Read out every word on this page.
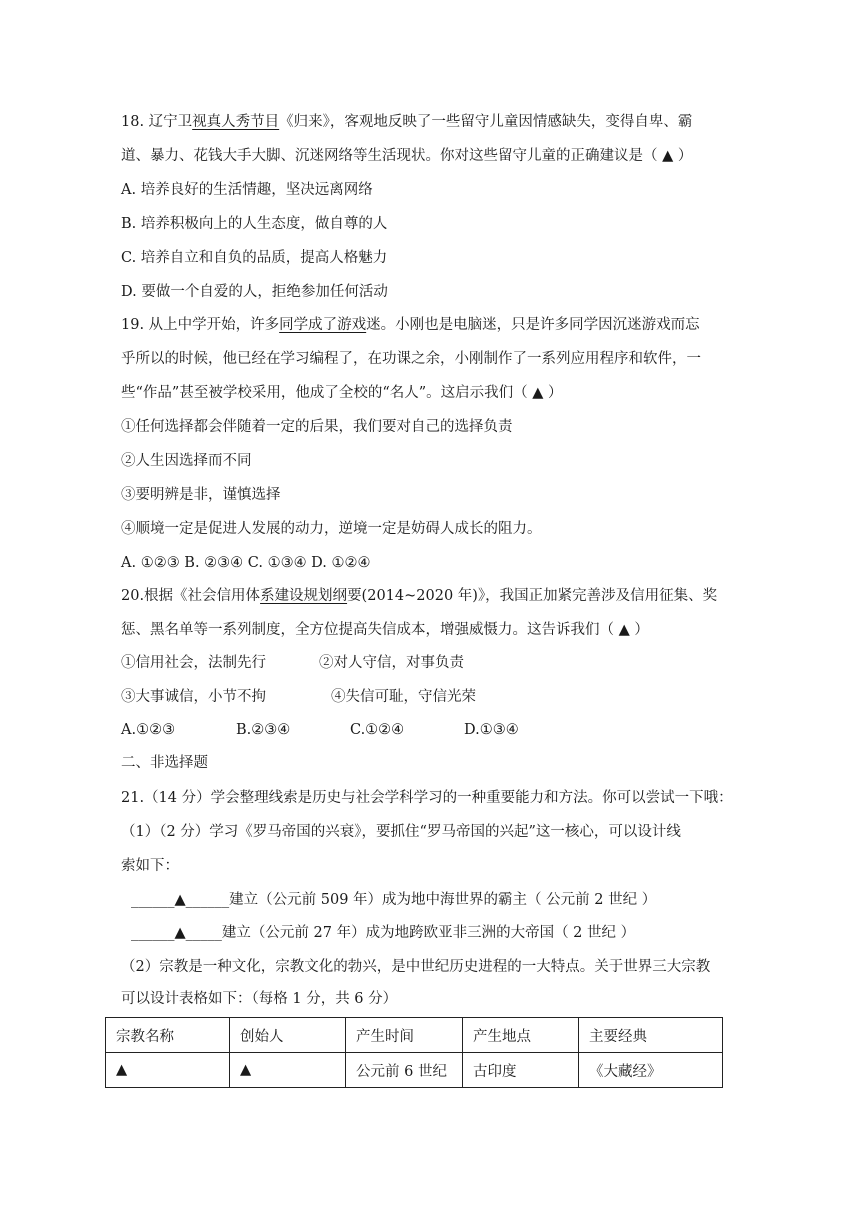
18. 辽宁卫视真人秀节目《归来》，客观地反映了一些留守儿童因情感缺失，变得自卑、霸
道、暴力、花钱大手大脚、沉迷网络等生活现状。你对这些留守儿童的正确建议是（ ▲ ）
A. 培养良好的生活情趣，坚决远离网络
B. 培养积极向上的人生态度，做自尊的人
C. 培养自立和自负的品质，提高人格魅力
D. 要做一个自爱的人，拒绝参加任何活动
19. 从上中学开始，许多同学成了游戏迷。小刚也是电脑迷，只是许多同学因沉迷游戏而忘
乎所以的时候，他已经在学习编程了，在功课之余，小刚制作了一系列应用程序和软件，一
些“作品”甚至被学校采用，他成了全校的“名人”。这启示我们（ ▲ ）
①任何选择都会伴随着一定的后果，我们要对自己的选择负责
②人生因选择而不同
③要明辨是非，谨慎选择
④顺境一定是促进人发展的动力，逆境一定是妨碍人成长的阻力。
A. ①②③ B. ②③④ C. ①③④ D. ①②④
20.根据《社会信用体系建设规划纲要(2014~2020 年)》，我国正加紧完善涉及信用征集、奖
惩、黑名单等一系列制度，全方位提高失信成本，增强威慑力。这告诉我们（ ▲ ）
①信用社会，法制先行	②对人守信，对事负责
③大事诚信，小节不拘	④失信可耻，守信光荣
A.①②③	B.②③④	C.①②④	D.①③④
二、非选择题
21.（14 分）学会整理线索是历史与社会学科学习的一种重要能力和方法。你可以尝试一下哦：
（1）（2 分）学习《罗马帝国的兴衰》，要抓住“罗马帝国的兴起”这一核心，可以设计线
索如下：
______▲______建立（公元前 509 年）成为地中海世界的霸主（ 公元前 2 世纪 ）
______▲_____建立（公元前 27 年）成为地跨欧亚非三洲的大帝国（ 2 世纪 ）
（2）宗教是一种文化，宗教文化的勃兴，是中世纪历史进程的一大特点。关于世界三大宗教
可以设计表格如下：（每格 1 分，共 6 分）
宗教名称	创始人	产生时间	产生地点	主要经典
▲	▲	公元前 6 世纪	古印度	《大藏经》
